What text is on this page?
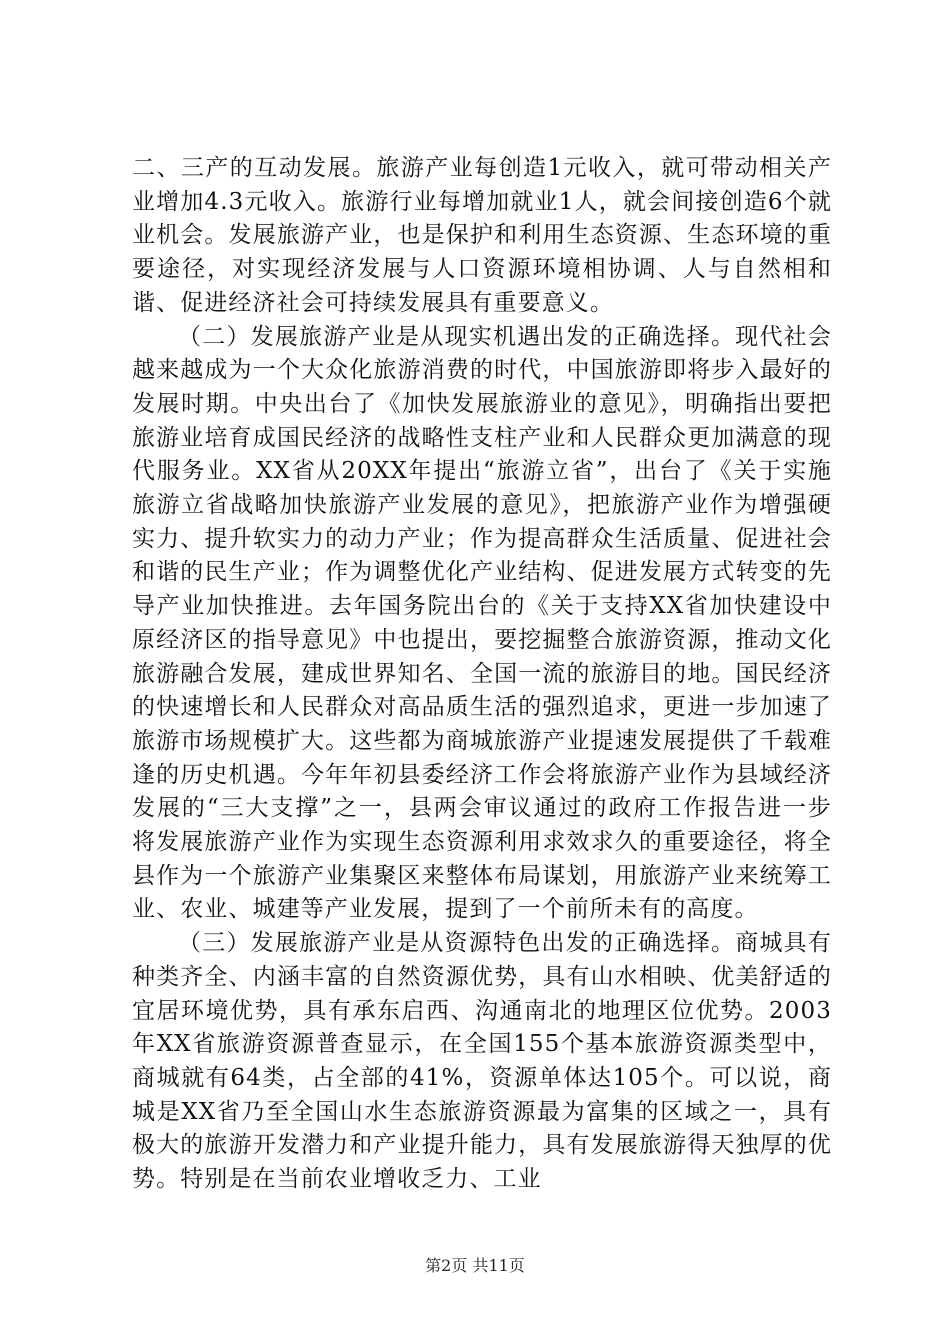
二、三产的互动发展。旅游产业每创造1元收入，就可带动相关产业增加4.3元收入。旅游行业每增加就业1人，就会间接创造6个就业机会。发展旅游产业，也是保护和利用生态资源、生态环境的重要途径，对实现经济发展与人口资源环境相协调、人与自然相和谐、促进经济社会可持续发展具有重要意义。

（二）发展旅游产业是从现实机遇出发的正确选择。现代社会越来越成为一个大众化旅游消费的时代，中国旅游即将步入最好的发展时期。中央出台了《加快发展旅游业的意见》，明确指出要把旅游业培育成国民经济的战略性支柱产业和人民群众更加满意的现代服务业。XX省从20XX年提出“旅游立省”，出台了《关于实施旅游立省战略加快旅游产业发展的意见》，把旅游产业作为增强硬实力、提升软实力的动力产业；作为提高群众生活质量、促进社会和谐的民生产业；作为调整优化产业结构、促进发展方式转变的先导产业加快推进。去年国务院出台的《关于支持XX省加快建设中原经济区的指导意见》中也提出，要挖掘整合旅游资源，推动文化旅游融合发展，建成世界知名、全国一流的旅游目的地。国民经济的快速增长和人民群众对高品质生活的强烈追求，更进一步加速了旅游市场规模扩大。这些都为商城旅游产业提速发展提供了千载难逢的历史机遇。今年年初县委经济工作会将旅游产业作为县域经济发展的“三大支撑”之一，县两会审议通过的政府工作报告进一步将发展旅游产业作为实现生态资源利用求效求久的重要途径，将全县作为一个旅游产业集聚区来整体布局谋划，用旅游产业来统筹工业、农业、城建等产业发展，提到了一个前所未有的高度。

（三）发展旅游产业是从资源特色出发的正确选择。商城具有种类齐全、内涵丰富的自然资源优势，具有山水相映、优美舒适的宜居环境优势，具有承东启西、沟通南北的地理区位优势。2003年XX省旅游资源普查显示，在全国155个基本旅游资源类型中，商城就有64类，占全部的41%，资源单体达105个。可以说，商城是XX省乃至全国山水生态旅游资源最为富集的区域之一，具有极大的旅游开发潜力和产业提升能力，具有发展旅游得天独厚的优势。特别是在当前农业增收乏力、工业

第2页 共11页
